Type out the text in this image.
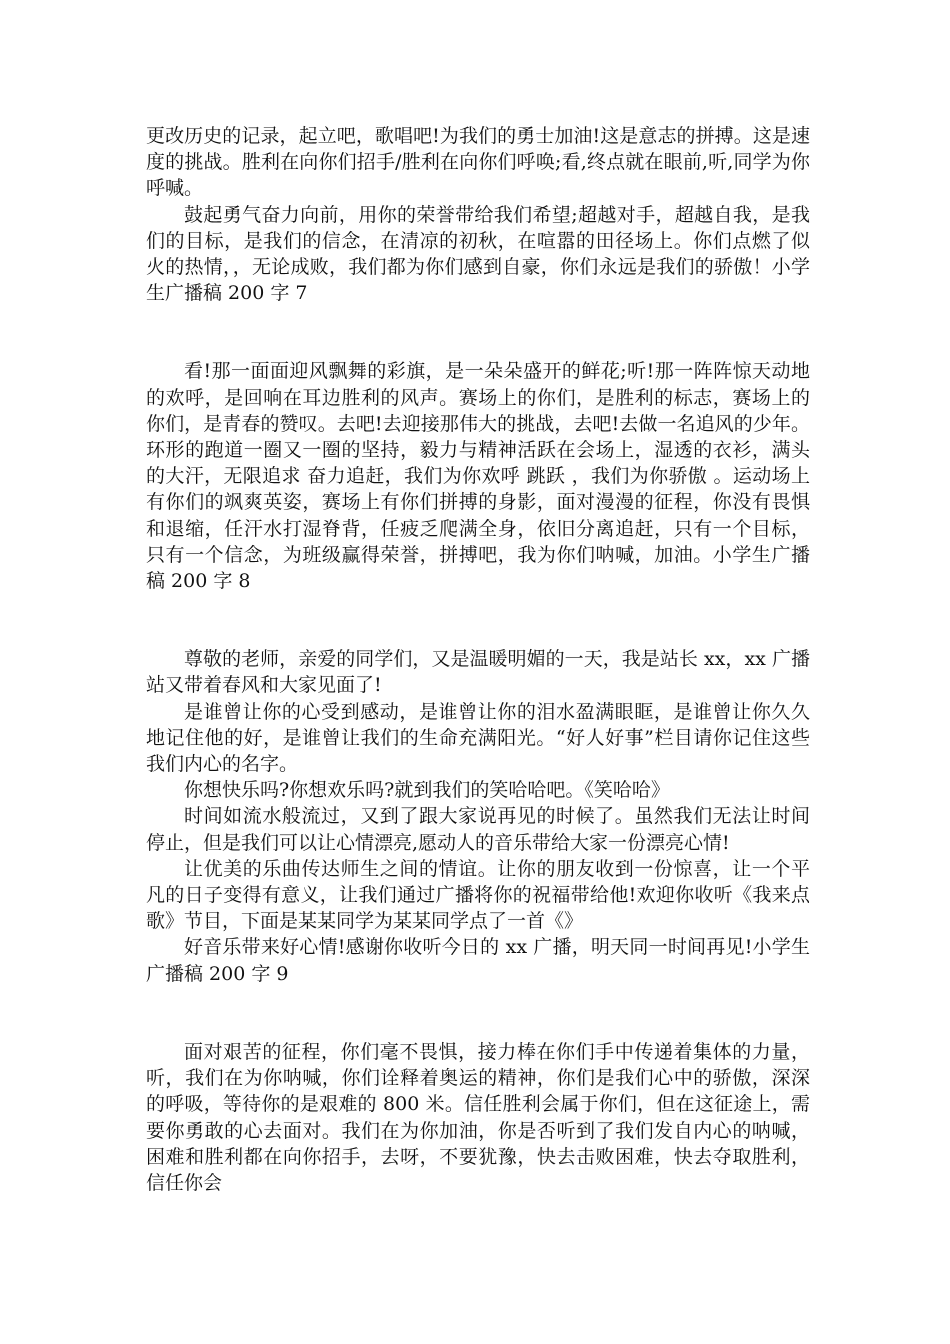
更改历史的记录，起立吧，歌唱吧!为我们的勇士加油!这是意志的拼搏。这是速度的挑战。胜利在向你们招手/胜利在向你们呼唤;看,终点就在眼前,听,同学为你呼喊。

鼓起勇气奋力向前，用你的荣誉带给我们希望;超越对手，超越自我，是我们的目标，是我们的信念，在清凉的初秋，在喧嚣的田径场上。你们点燃了似火的热情，，无论成败，我们都为你们感到自豪，你们永远是我们的骄傲！小学生广播稿 200 字 7

看!那一面面迎风飘舞的彩旗，是一朵朵盛开的鲜花;听!那一阵阵惊天动地的欢呼，是回响在耳边胜利的风声。赛场上的你们，是胜利的标志，赛场上的你们，是青春的赞叹。去吧!去迎接那伟大的挑战，去吧!去做一名追风的少年。环形的跑道一圈又一圈的坚持，毅力与精神活跃在会场上，湿透的衣衫，满头的大汗，无限追求 奋力追赶，我们为你欢呼 跳跃 ，我们为你骄傲 。运动场上有你们的飒爽英姿，赛场上有你们拼搏的身影，面对漫漫的征程，你没有畏惧和退缩，任汗水打湿脊背，任疲乏爬满全身，依旧分离追赶，只有一个目标，只有一个信念，为班级赢得荣誉，拼搏吧，我为你们呐喊，加油。小学生广播稿 200 字 8

尊敬的老师，亲爱的同学们，又是温暖明媚的一天，我是站长 xx，xx 广播站又带着春风和大家见面了!

是谁曾让你的心受到感动，是谁曾让你的泪水盈满眼眶，是谁曾让你久久地记住他的好，是谁曾让我们的生命充满阳光。“好人好事”栏目请你记住这些 我们内心的名字。

你想快乐吗?你想欢乐吗?就到我们的笑哈哈吧。《笑哈哈》

时间如流水般流过，又到了跟大家说再见的时候了。虽然我们无法让时间停止，但是我们可以让心情漂亮,愿动人的音乐带给大家一份漂亮心情!

让优美的乐曲传达师生之间的情谊。让你的朋友收到一份惊喜，让一个平凡的日子变得有意义，让我们通过广播将你的祝福带给他!欢迎你收听《我来点歌》节目，下面是某某同学为某某同学点了一首《》

好音乐带来好心情!感谢你收听今日的 xx 广播，明天同一时间再见!小学生广播稿 200 字 9

面对艰苦的征程，你们毫不畏惧，接力棒在你们手中传递着集体的力量，听，我们在为你呐喊，你们诠释着奥运的精神，你们是我们心中的骄傲，深深的呼吸，等待你的是艰难的 800 米。信任胜利会属于你们，但在这征途上，需要你勇敢的心去面对。我们在为你加油，你是否听到了我们发自内心的呐喊，困难和胜利都在向你招手，去呀，不要犹豫，快去击败困难，快去夺取胜利，信任你会
